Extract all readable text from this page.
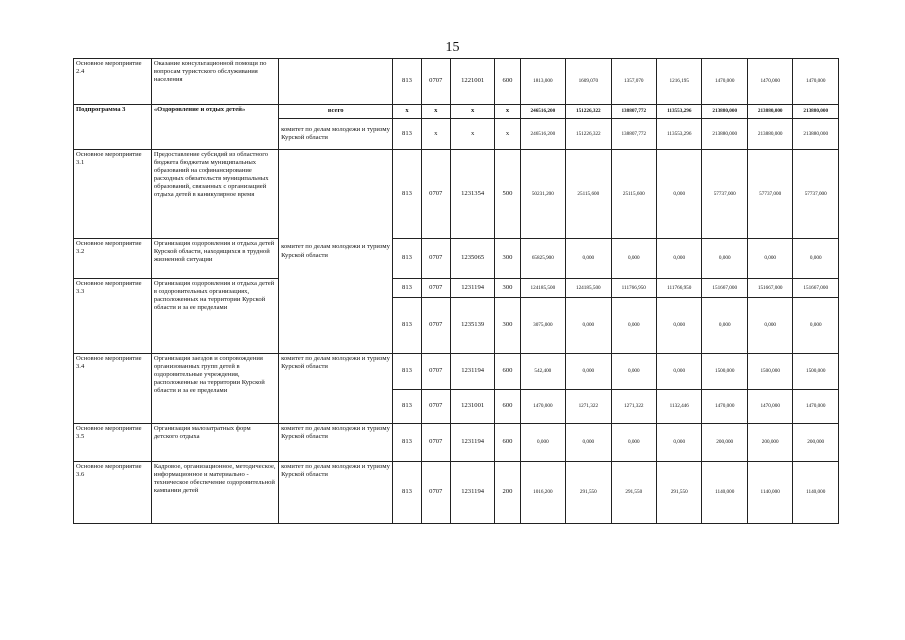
15
Основное мероприятие 2.4	Оказание консультационной помощи по вопросам туристского обслуживания населения		813	0707	1221001	600	1813,000	1609,070	1357,070	1216,195	1470,000	1470,000	1470,000
Подпрограмма 3	«Оздоровление и отдых детей»	всего	x	x	x	x	246516,200	151226,322	138807,772	113553,296	213880,000	213880,000	213880,000
		комитет по делам молодежи и туризму Курской области	813	x	x	x	246516,200	151226,322	138807,772	113553,296	213880,000	213880,000	213880,000
Основное мероприятие 3.1	Предоставление субсидий из областного бюджета бюджетам муниципальных образований на софинансирование расходных обязательств муниципальных образований, связанных с организацией отдыха детей в каникулярное время	комитет по делам молодежи и туризму Курской области	813	0707	1231354	500	50231,200	25115,600	25115,600	0,000	57737,000	57737,000	57737,000
Основное мероприятие 3.2	Организация оздоровления и отдыха детей Курской области, находящихся в трудной жизненной ситуации		813	0707	1235065	300	65825,900	0,000	0,000	0,000	0,000	0,000	0,000
Основное мероприятие 3.3	Организация оздоровления и отдыха детей в оздоровительных организациях, расположенных на территории Курской области и за ее пределами		813	0707	1231194	300	124185,500	124185,500	111766,950	111766,950	151667,000	151667,000	151667,000
			813	0707	1235139	300	3075,000	0,000	0,000	0,000	0,000	0,000	0,000
Основное мероприятие 3.4	Организация заездов и сопровождения организованных групп детей в оздоровительные учреждения, расположенные на территории Курской области и за ее пределами	комитет по делам молодежи и туризму Курской области	813	0707	1231194	600	542,400	0,000	0,000	0,000	1500,000	1500,000	1500,000
			813	0707	1231001	600	1470,000	1271,322	1271,322	1132,446	1470,000	1470,000	1470,000
Основное мероприятие 3.5	Организация малозатратных форм детского отдыха	комитет по делам молодежи и туризму Курской области	813	0707	1231194	600	0,000	0,000	0,000	0,000	200,000	200,000	200,000
Основное мероприятие 3.6	Кадровое, организационное, методическое, информационное и материально - техническое обеспечение оздоровительной кампании детей	комитет по делам молодежи и туризму Курской области	813	0707	1231194	200	1016,200	291,550	291,550	291,550	1140,000	1140,000	1140,000
